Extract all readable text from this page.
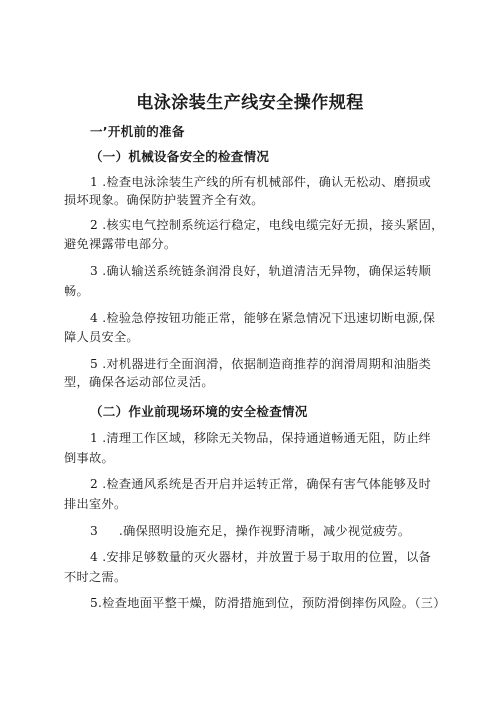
电泳涂装生产线安全操作规程
一’开机前的准备
（一）机械设备安全的检查情况
1 .检查电泳涂装生产线的所有机械部件，确认无松动、磨损或
损坏现象。确保防护装置齐全有效。
2 .核实电气控制系统运行稳定，电线电缆完好无损，接头紧固，
避免裸露带电部分。
3 .确认输送系统链条润滑良好，轨道清洁无异物，确保运转顺
畅。
4 .检验急停按钮功能正常，能够在紧急情况下迅速切断电源,保
障人员安全。
5 .对机器进行全面润滑，依据制造商推荐的润滑周期和油脂类
型，确保各运动部位灵活。
（二）作业前现场环境的安全检查情况
1 .清理工作区域，移除无关物品，保持通道畅通无阻，防止绊
倒事故。
2 .检查通风系统是否开启并运转正常，确保有害气体能够及时
排出室外。
3     .确保照明设施充足，操作视野清晰，减少视觉疲劳。
4 .安排足够数量的灭火器材，并放置于易于取用的位置，以备
不时之需。
5.检查地面平整干燥，防滑措施到位，预防滑倒摔伤风险。（三）
